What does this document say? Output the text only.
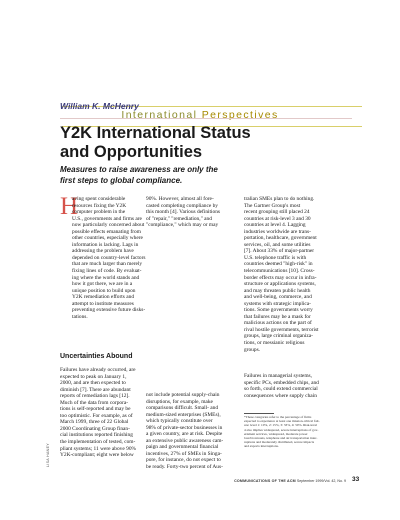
International Perspectives
William K. McHenry
Y2K International Status
and Opportunities
Measures to raise awareness are only the
first steps to global compliance.
H
aving spent considerable
resources fixing the Y2K
computer problem in the
U.S., governments and firms are
now particularly concerned about
possible effects emanating from
other countries, especially where
information is lacking. Lags in
addressing the problem have
depended on country-level factors
that are much larger than merely
fixing lines of code. By evaluat-
ing where the world stands and
how it got there, we are in a
unique position to build upon
Y2K remediation efforts and
attempt to institute measures
preventing extensive future disks-
tations.
Uncertainties Abound
Failures have already occurred, are
expected to peak on January 1,
2000, and are then expected to
diminish [7]. There are abundant
reports of remediation lags [12].
Much of the data from corpora-
tions is self-reported and may be
too optimistic. For example, as of
March 1999, three of 22 Global
2000 Coordinating Group finan-
cial institutions reported finishing
the implementation of tested, com-
pliant systems; 11 were above 90%
Y2K-compliant; eight were below
90%. However, almost all fore-
casted completing compliance by
this month [4]. Various definitions
of "repair," "remediation," and
"compliance," which may or may
not include potential supply-chain
disruptions, for example, make
comparisons difficult. Small- and
medium-sized enterprises (SMEs),
which typically constitute over
98% of private-sector businesses in
a given country, are at risk. Despite
an extensive public awareness cam-
paign and governmental financial
incentives, 27% of SMEs in Singa-
pore, for instance, do not expect to
be ready. Forty-two percent of Aus-
tralian SMEs plan to do nothing.
The Gartner Group's most
recent grouping still placed 24
countries at risk-level 3 and 30
countries at level 4. Lagging
industries worldwide are trans-
portation, healthcare, government
services, oil, and some utilities
[7]. About 33% of major-partner
U.S. telephone traffic is with
countries deemed "high-risk" in
telecommunications [10]. Cross-
border effects may occur in infra-
structure or applications systems,
and may threaten public health
and well-being, commerce, and
systems with strategic implica-
tions. Some governments worry
that failures may be a mask for
malicious actions on the part of
rival hostile governments, terrorist
groups, large criminal organiza-
tions, or messianic religious
groups.
Failures in managerial systems,
specific PCs, embedded chips, and
so forth, could extend commercial
consequences where supply chain
*These categories refer to the percentage of firms
expected to experience at least one mission-critical fail-
ure: level 1: 10%, 2: 15%, 3: 33%, 4: 50%. Risk-level
4 also implies widespread, severe interruptions of gov-
ernment services, widespread, moderate power
loss/brownouts, telephone and air transportation inter-
ruptions and moderately distributed, severe impacts
and exports interruptions.
LISA HANEY
COMMUNICATIONS OF THE ACM September 1999/Vol. 42, No. 9 33
